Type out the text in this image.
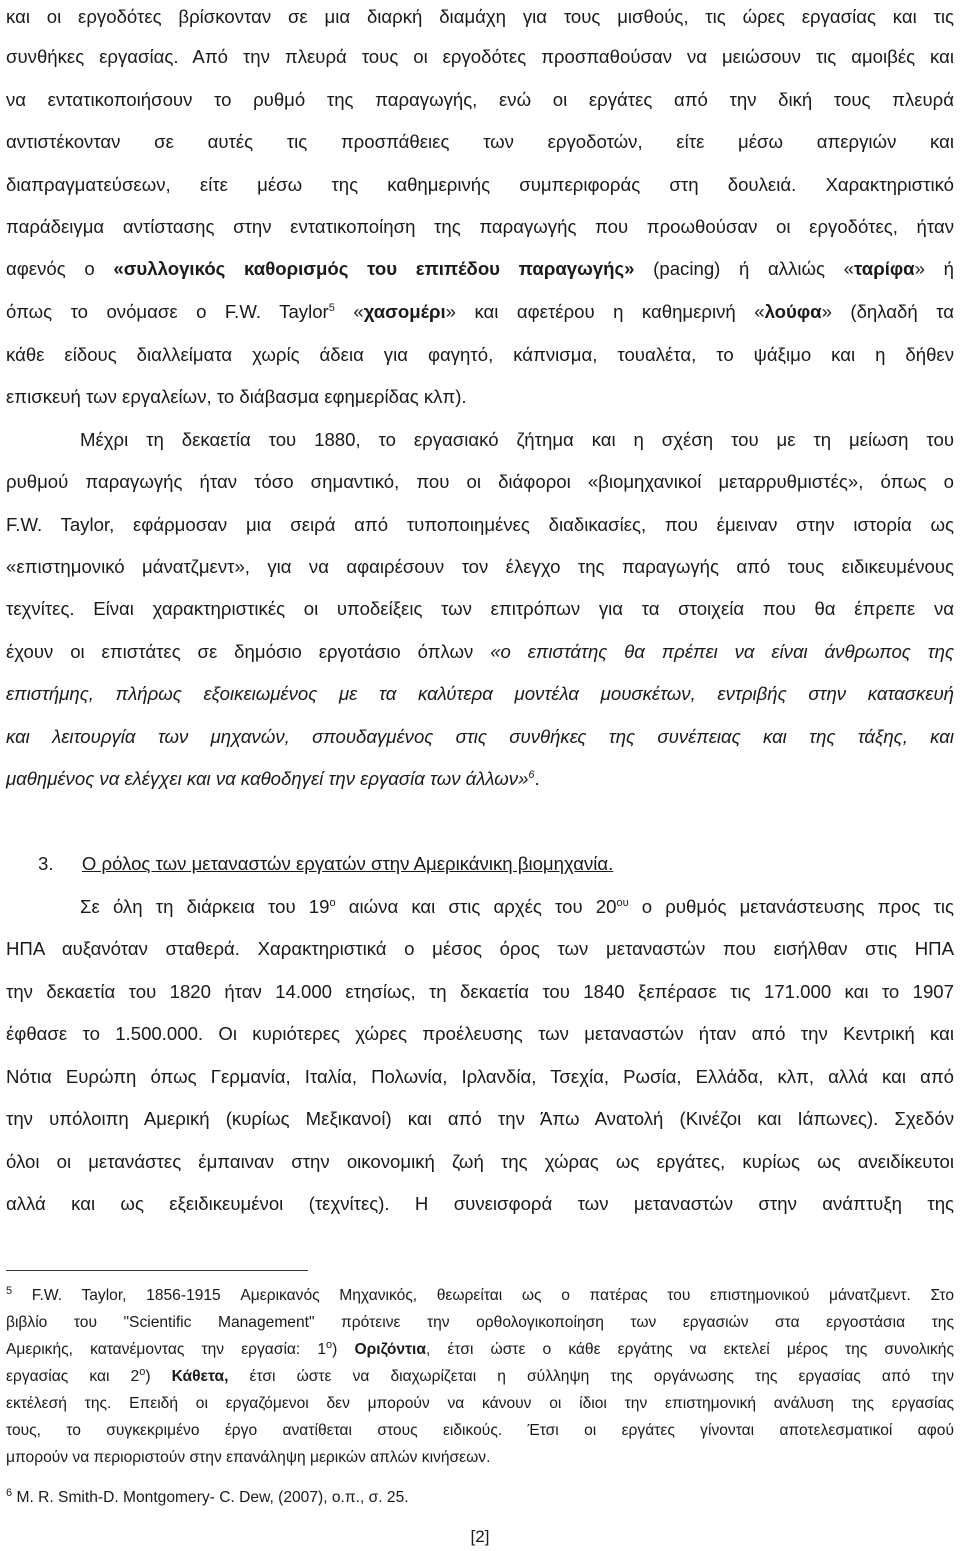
και οι εργοδότες βρίσκονταν σε μια διαρκή διαμάχη για τους μισθούς, τις ώρες εργασίας και τις
συνθήκες εργασίας. Από την πλευρά τους οι εργοδότες προσπαθούσαν να μειώσουν τις αμοιβές και
να εντατικοποιήσουν το ρυθμό της παραγωγής, ενώ οι εργάτες από την δική τους πλευρά
αντιστέκονταν σε αυτές τις προσπάθειες των εργοδοτών, είτε μέσω απεργιών και
διαπραγματεύσεων, είτε μέσω της καθημερινής συμπεριφοράς στη δουλειά. Χαρακτηριστικό
παράδειγμα αντίστασης στην εντατικοποίηση της παραγωγής που προωθούσαν οι εργοδότες, ήταν
αφενός ο «συλλογικός καθορισμός του επιπέδου παραγωγής» (pacing) ή αλλιώς «ταρίφα» ή
όπως το ονόμασε ο F.W. Taylor$^5$ «χασομέρι» και αφετέρου η καθημερινή «λούφα» (δηλαδή τα
κάθε είδους διαλλείματα χωρίς άδεια για φαγητό, κάπνισμα, τουαλέτα, το ψάξιμο και η δήθεν
επισκευή των εργαλείων, το διάβασμα εφημερίδας κλπ).
Μέχρι τη δεκαετία του 1880, το εργασιακό ζήτημα και η σχέση του με τη μείωση του
ρυθμού παραγωγής ήταν τόσο σημαντικό, που οι διάφοροι «βιομηχανικοί μεταρρυθμιστές», όπως ο
F.W. Taylor, εφάρμοσαν μια σειρά από τυποποιημένες διαδικασίες, που έμειναν στην ιστορία ως
«επιστημονικό μάνατζμεντ», για να αφαιρέσουν τον έλεγχο της παραγωγής από τους ειδικευμένους
τεχνίτες. Είναι χαρακτηριστικές οι υποδείξεις των επιτρόπων για τα στοιχεία που θα έπρεπε να
έχουν οι επιστάτες σε δημόσιο εργοτάσιο όπλων «ο επιστάτης θα πρέπει να είναι άνθρωπος της
επιστήμης, πλήρως εξοικειωμένος με τα καλύτερα μοντέλα μουσκέτων, εντριβής στην κατασκευή
και λειτουργία των μηχανών, σπουδαγμένος στις συνθήκες της συνέπειας και της τάξης, και
μαθημένος να ελέγχει και να καθοδηγεί την εργασία των άλλων»$^6$.
3. Ο ρόλος των μεταναστών εργατών στην Αμερικάνικη βιομηχανία.
Σε όλη τη διάρκεια του $19^o$ αιώνα και στις αρχές του $20^{o\upsilon}$ ο ρυθμός μετανάστευσης προς τις
ΗΠΑ αυξανόταν σταθερά. Χαρακτηριστικά ο μέσος όρος των μεταναστών που εισήλθαν στις ΗΠΑ
την δεκαετία του 1820 ήταν 14.000 ετησίως, τη δεκαετία του 1840 ξεπέρασε τις 171.000 και το 1907
έφθασε το 1.500.000. Οι κυριότερες χώρες προέλευσης των μεταναστών ήταν από την Κεντρική και
Νότια Ευρώπη όπως Γερμανία, Ιταλία, Πολωνία, Ιρλανδία, Τσεχία, Ρωσία, Ελλάδα, κλπ, αλλά και από
την υπόλοιπη Αμερική (κυρίως Μεξικανοί) και από την Άπω Ανατολή (Κινέζοι και Ιάπωνες). Σχεδόν
όλοι οι μετανάστες έμπαιναν στην οικονομική ζωή της χώρας ως εργάτες, κυρίως ως ανειδίκευτοι
αλλά και ως εξειδικευμένοι (τεχνίτες). Η συνεισφορά των μεταναστών στην ανάπτυξη της
$^5$ F.W. Taylor, 1856-1915 Αμερικανός Μηχανικός, θεωρείται ως ο πατέρας του επιστημονικού μάνατζμεντ. Στο
βιβλίο του "Scientific Management" πρότεινε την ορθολογικοποίηση των εργασιών στα εργοστάσια της
Αμερικής, κατανέμοντας την εργασία: $1^o$) Οριζόντια, έτσι ώστε ο κάθε εργάτης να εκτελεί μέρος της συνολικής
εργασίας και $2^o$) Κάθετα, έτσι ώστε να διαχωρίζεται η σύλληψη της οργάνωσης της εργασίας από την
εκτέλεσή της. Επειδή οι εργαζόμενοι δεν μπορούν να κάνουν οι ίδιοι την επιστημονική ανάλυση της εργασίας
τους, το συγκεκριμένο έργο ανατίθεται στους ειδικούς. Έτσι οι εργάτες γίνονται αποτελεσματικοί αφού
μπορούν να περιοριστούν στην επανάληψη μερικών απλών κινήσεων.
$^6$ M. R. Smith-D. Montgomery- C. Dew, (2007), ο.π., σ. 25.
[2]
